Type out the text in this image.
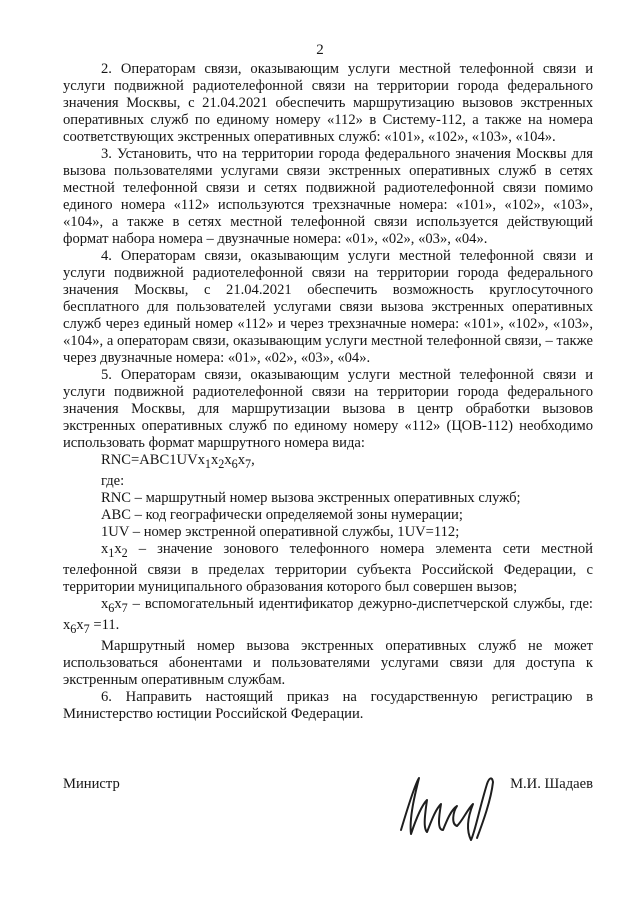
2

2. Операторам связи, оказывающим услуги местной телефонной связи и услуги подвижной радиотелефонной связи на территории города федерального значения Москвы, с 21.04.2021 обеспечить маршрутизацию вызовов экстренных оперативных служб по единому номеру «112» в Систему-112, а также на номера соответствующих экстренных оперативных служб: «101», «102», «103», «104».

3. Установить, что на территории города федерального значения Москвы для вызова пользователями услугами связи экстренных оперативных служб в сетях местной телефонной связи и сетях подвижной радиотелефонной связи помимо единого номера «112» используются трехзначные номера: «101», «102», «103», «104», а также в сетях местной телефонной связи используется действующий формат набора номера – двузначные номера: «01», «02», «03», «04».

4. Операторам связи, оказывающим услуги местной телефонной связи и услуги подвижной радиотелефонной связи на территории города федерального значения Москвы, с 21.04.2021 обеспечить возможность круглосуточного бесплатного для пользователей услугами связи вызова экстренных оперативных служб через единый номер «112» и через трехзначные номера: «101», «102», «103», «104», а операторам связи, оказывающим услуги местной телефонной связи, – также через двузначные номера: «01», «02», «03», «04».

5. Операторам связи, оказывающим услуги местной телефонной связи и услуги подвижной радиотелефонной связи на территории города федерального значения Москвы, для маршрутизации вызова в центр обработки вызовов экстренных оперативных служб по единому номеру «112» (ЦОВ-112) необходимо использовать формат маршрутного номера вида:

$RNC=ABC1UVx_1x_2x_6x_7$,

где:

RNC – маршрутный номер вызова экстренных оперативных служб;

ABC – код географически определяемой зоны нумерации;

1UV – номер экстренной оперативной службы, 1UV=112;

$x_1x_2$ – значение зонового телефонного номера элемента сети местной телефонной связи в пределах территории субъекта Российской Федерации, с территории муниципального образования которого был совершен вызов;

$x_6x_7$ – вспомогательный идентификатор дежурно-диспетчерской службы, где: $x_6x_7 =11$.

Маршрутный номер вызова экстренных оперативных служб не может использоваться абонентами и пользователями услугами связи для доступа к экстренным оперативным службам.

6. Направить настоящий приказ на государственную регистрацию в Министерство юстиции Российской Федерации.

Министр	М.И. Шадаев
